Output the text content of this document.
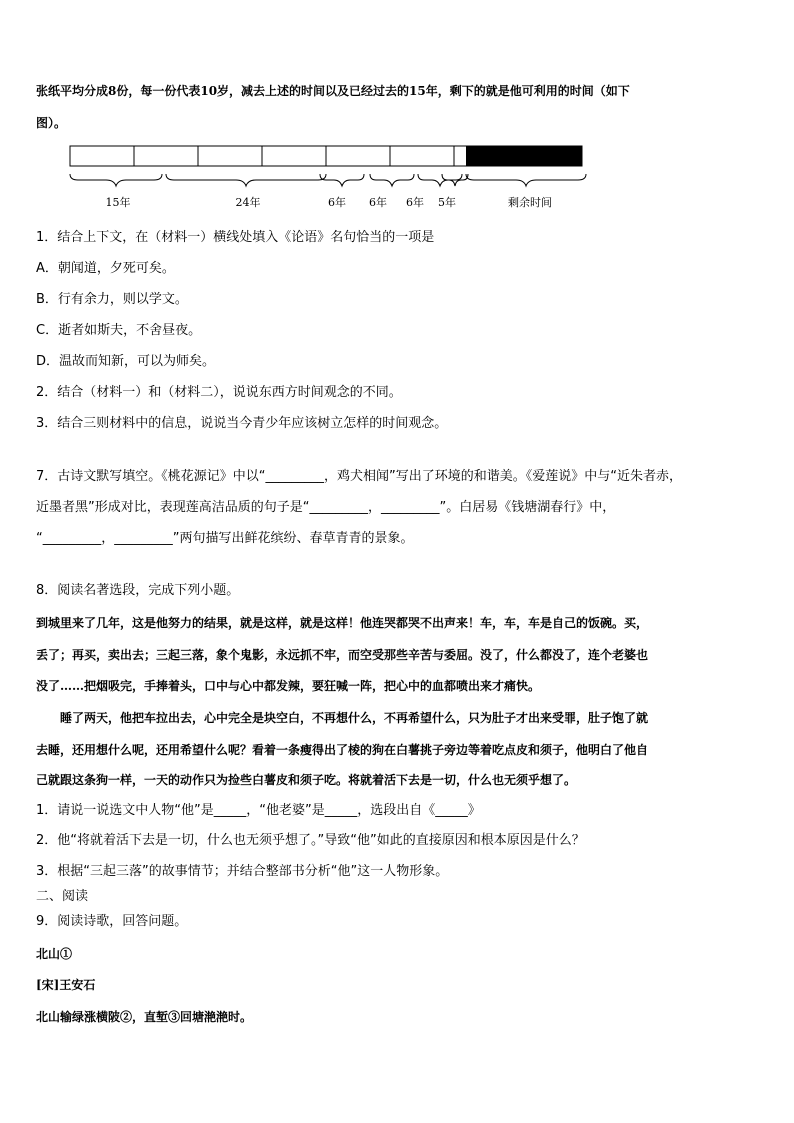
张纸平均分成8份，每一份代表10岁，减去上述的时间以及已经过去的15年，剩下的就是他可利用的时间（如下
图）。
15年	24年	6年 6年 6年 5年	剩余时间
1．结合上下文，在（材料一）横线处填入《论语》名句恰当的一项是
A．朝闻道，夕死可矣。
B．行有余力，则以学文。
C．逝者如斯夫，不舍昼夜。
D．温故而知新，可以为师矣。
2．结合（材料一）和（材料二），说说东西方时间观念的不同。
3．结合三则材料中的信息，说说当今青少年应该树立怎样的时间观念。
7．古诗文默写填空。《桃花源记》中以“_________，鸡犬相闻”写出了环境的和谐美。《爱莲说》中与“近朱者赤，
近墨者黑”形成对比，表现莲高洁品质的句子是“_________，_________”。白居易《钱塘湖春行》中，
“_________，_________”两句描写出鲜花缤纷、春草青青的景象。
8．阅读名著选段，完成下列小题。
到城里来了几年，这是他努力的结果，就是这样，就是这样！他连哭都哭不出声来！车，车，车是自己的饭碗。买，
丢了；再买，卖出去；三起三落，象个鬼影，永远抓不牢，而空受那些辛苦与委屈。没了，什么都没了，连个老婆也
没了……把烟吸完，手捧着头，口中与心中都发辣，要狂喊一阵，把心中的血都喷出来才痛快。
睡了两天，他把车拉出去，心中完全是块空白，不再想什么，不再希望什么，只为肚子才出来受罪，肚子饱了就
去睡，还用想什么呢，还用希望什么呢？看着一条瘦得出了棱的狗在白薯挑子旁边等着吃点皮和须子，他明白了他自
己就跟这条狗一样，一天的动作只为捡些白薯皮和须子吃。将就着活下去是一切，什么也无须乎想了。
1．请说一说选文中人物“他”是_____，“他老婆”是_____，选段出自《_____》
2．他“将就着活下去是一切，什么也无须乎想了。”导致“他”如此的直接原因和根本原因是什么？
3．根据“三起三落”的故事情节；并结合整部书分析“他”这一人物形象。
二、阅读
9．阅读诗歌，回答问题。
北山①
[宋]王安石
北山输绿涨横陂②，直堑③回塘滟滟时。
